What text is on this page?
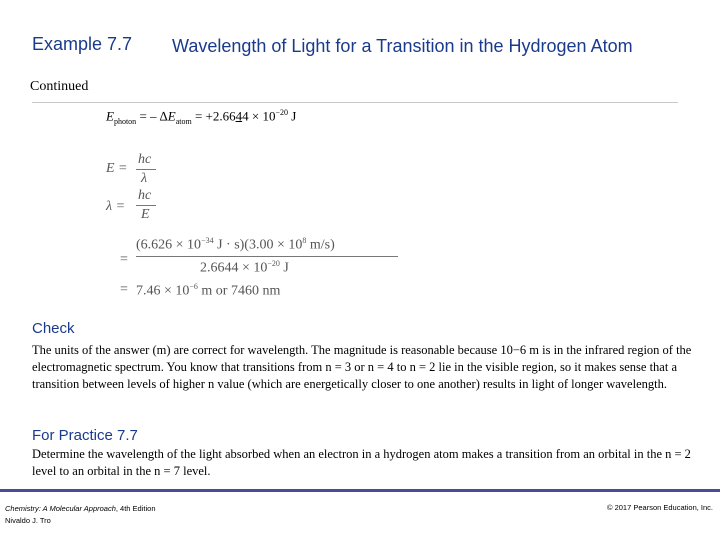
Example 7.7 Wavelength of Light for a Transition in the Hydrogen Atom
Continued
$E_{photon}$ = – $\Delta E_{atom} = +2.6644 \times 10^{-20}$ J
E =
hc
λ
λ =
hc
E
=
($6.626 \times 10^{-34}$ $J \cdot s)(3.00 \times 10^8$ m/s)
$2.6644 \times 10^{-20}$ J
= $7.46 \times 10^{-6}$ m or 7460 nm
Check
The units of the answer (m) are correct for wavelength. The magnitude is reasonable because 10−6 m is in the infrared region of the electromagnetic spectrum. You know that transitions from n = 3 or n = 4 to n = 2 lie in the visible region, so it makes sense that a transition between levels of higher n value (which are energetically closer to one another) results in light of longer wavelength.
For Practice 7.7
Determine the wavelength of the light absorbed when an electron in a hydrogen atom makes a transition from an orbital in the n = 2 level to an orbital in the n = 7 level.
Chemistry: A Molecular Approach, 4th Edition
Nivaldo J. Tro
© 2017 Pearson Education, Inc.
